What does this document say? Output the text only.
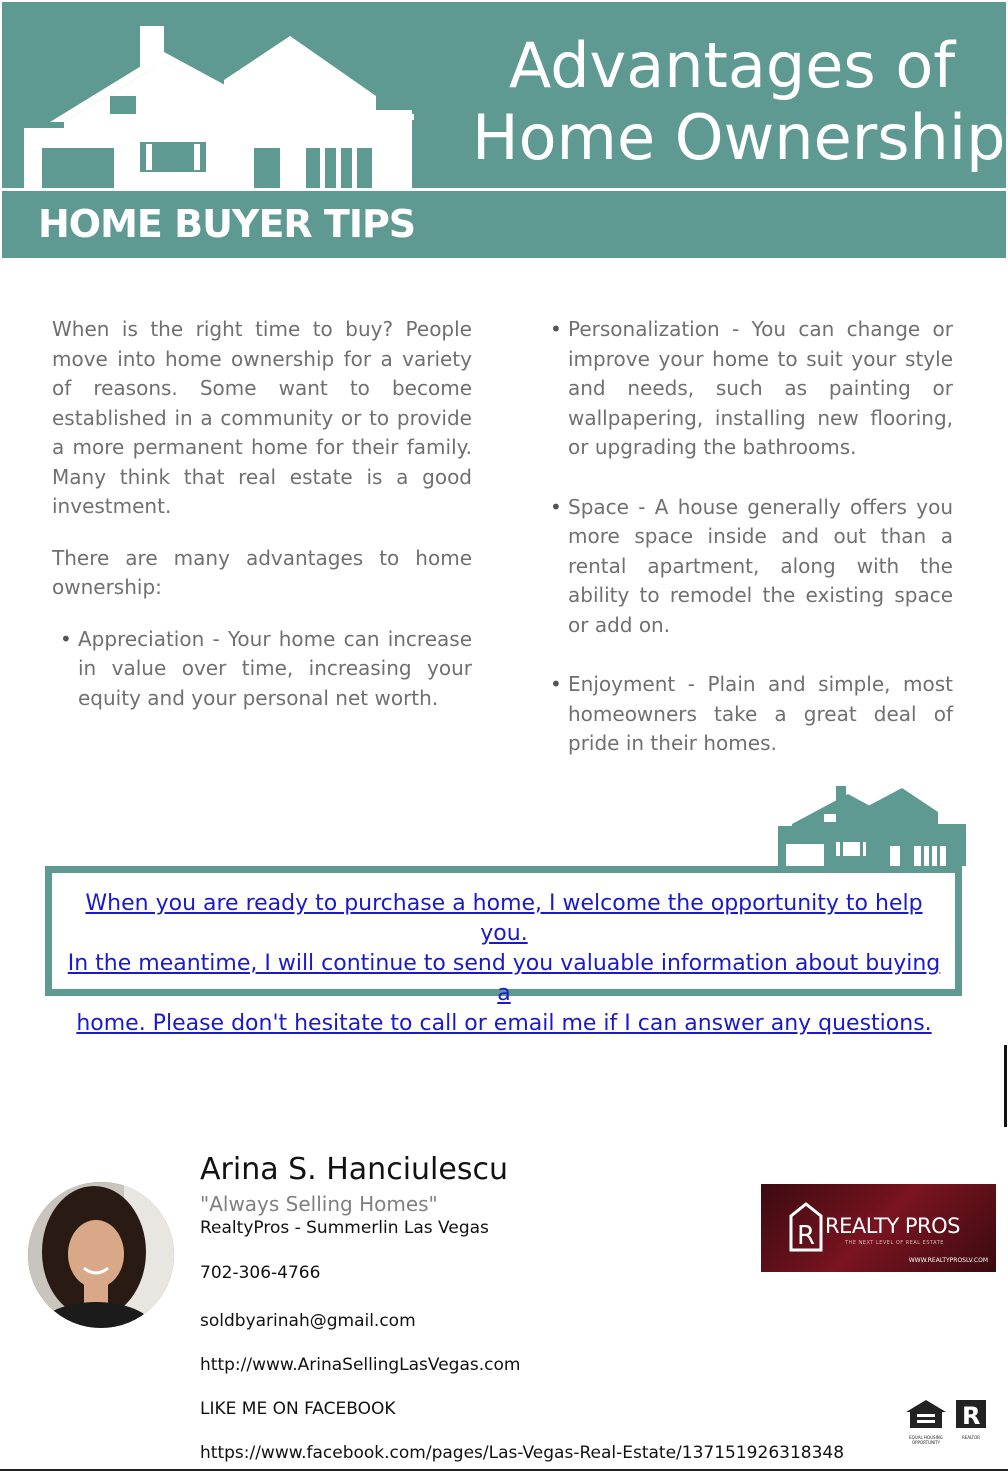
Advantages of
Home Ownership
HOME BUYER TIPS

When is the right time to buy? People move into home ownership for a variety of reasons. Some want to become established in a community or to provide a more permanent home for their family. Many think that real estate is a good investment.

There are many advantages to home ownership:

• Appreciation - Your home can increase in value over time, increasing your equity and your personal net worth.
• Personalization - You can change or improve your home to suit your style and needs, such as painting or wallpapering, installing new flooring, or upgrading the bathrooms.
• Space - A house generally offers you more space inside and out than a rental apartment, along with the ability to remodel the existing space or add on.
• Enjoyment - Plain and simple, most homeowners take a great deal of pride in their homes.
When you are ready to purchase a home, I welcome the opportunity to help you.
In the meantime, I will continue to send you valuable information about buying a
home. Please don't hesitate to call or email me if I can answer any questions.
Arina S. Hanciulescu
"Always Selling Homes"
RealtyPros - Summerlin Las Vegas
702-306-4766
soldbyarinah@gmail.com
http://www.ArinaSellingLasVegas.com
LIKE ME ON FACEBOOK
https://www.facebook.com/pages/Las-Vegas-Real-Estate/137151926318348
R REALTY PROS
THE NEXT LEVEL OF REAL ESTATE
WWW.REALTYPROSLV.COM
EQUAL HOUSING OPPORTUNITY
R
REALTOR
